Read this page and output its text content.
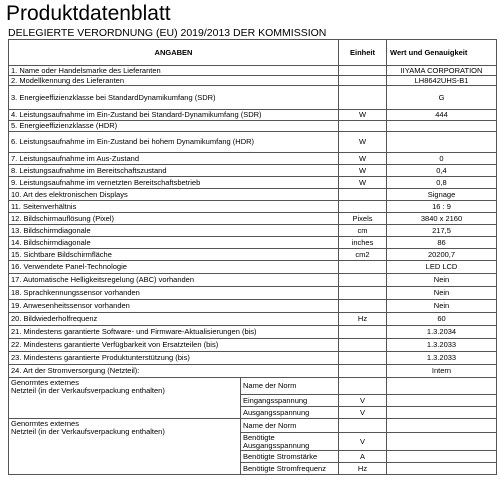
Produktdatenblatt
DELEGIERTE VERORDNUNG (EU) 2019/2013 DER KOMMISSION
ANGABEN		Einheit	Wert und Genauigkeit
1. Name oder Handelsmarke des Lieferanten			IIYAMA CORPORATION
2. Modellkennung des Lieferanten			LH8642UHS-B1
3. Energieeffizienzklasse bei StandardDynamikumfang (SDR)			G
4. Leistungsaufnahme im Ein-Zustand bei Standard-Dynamikumfang (SDR)		W	444
5. Energieeffizienzklasse (HDR)			
6. Leistungsaufnahme im Ein-Zustand bei hohem Dynamikumfang (HDR)		W	
7. Leistungsaufnahme im Aus-Zustand		W	0
8. Leistungsaufnahme im Bereitschaftszustand		W	0,4
9. Leistungsaufnahme im vernetzten Bereitschaftsbetrieb		W	0,8
10. Art des elektronischen Displays			Signage
11. Seitenverhältnis			16 : 9
12. Bildschirmauflösung (Pixel)		Pixels	3840 x 2160
13. Bildschirmdiagonale		cm	217,5
14. Bildschirmdiagonale		inches	86
15. Sichtbare Bildschirmfläche		cm2	20200,7
16. Verwendete Panel-Technologie			LED LCD
17. Automatische Helligkeitsregelung (ABC) vorhanden			Nein
18. Sprachkennungssensor vorhanden			Nein
19. Anwesenheitssensor vorhanden			Nein
20. Bildwiederholfrequenz		Hz	60
21. Mindestens garantierte Software- und Firmware-Aktualisierungen (bis)			1.3.2034
22. Mindestens garantierte Verfügbarkeit von Ersatzteilen (bis)			1.3.2033
23. Mindestens garantierte Produktunterstützung (bis)			1.3.2033
24. Art der Stromversorgung (Netzteil):			Intern

Genormtes externes
Netzteil (in der Verkaufsverpackung enthalten)	Name der Norm		
	Eingangsspannung	V	
	Ausgangsspannung	V	

Genormtes externes
Netzteil (in der Verkaufsverpackung enthalten)	Name der Norm		
	Benötigte Ausgangsspannung	V	
	Benötigte Stromstärke	A	
	Benötigte Stromfrequenz	Hz	
